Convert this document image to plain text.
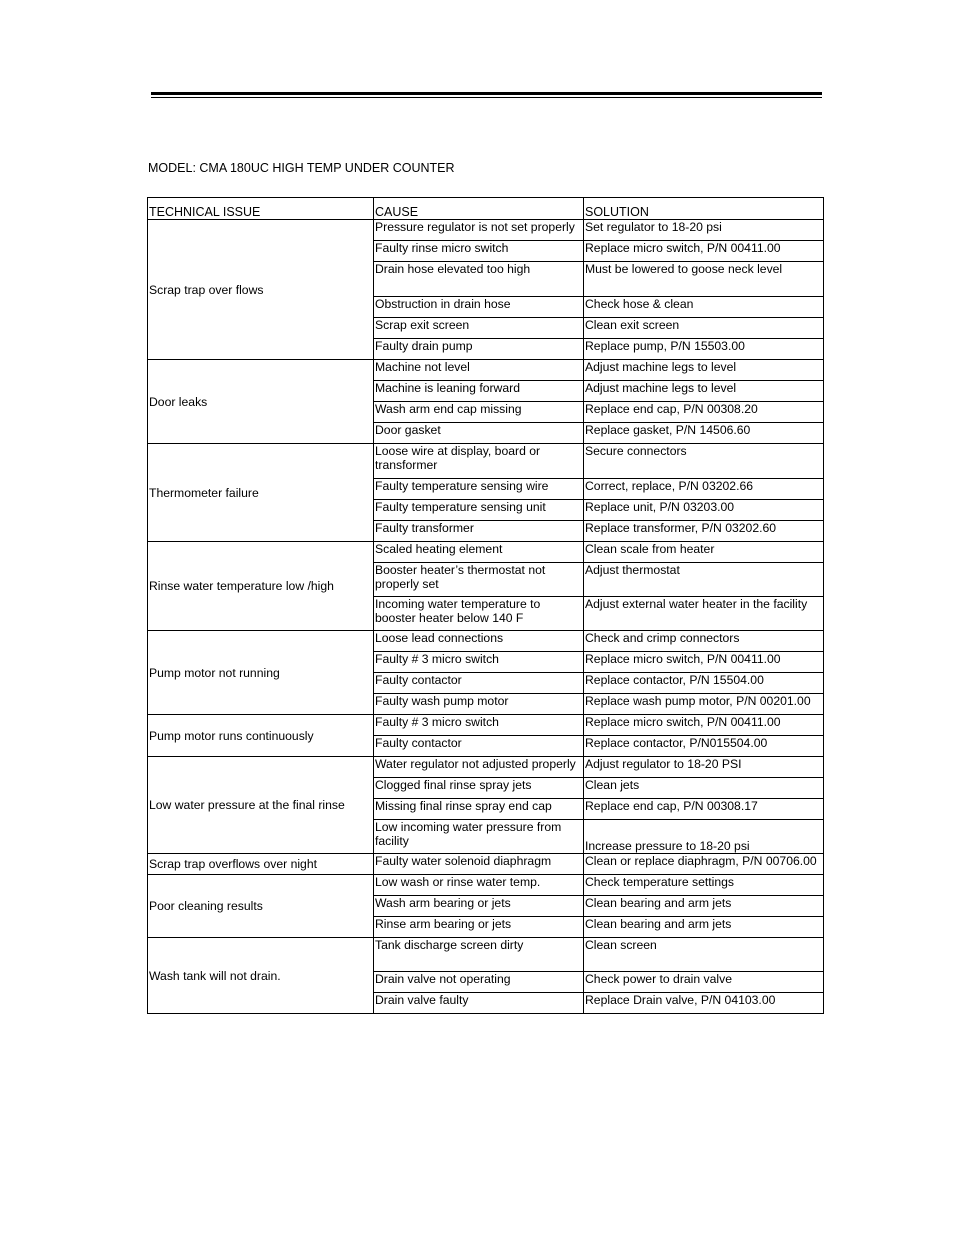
MODEL: CMA 180UC HIGH TEMP UNDER COUNTER
TECHNICAL ISSUE	CAUSE	SOLUTION
Scrap trap over flows	Pressure regulator is not set properly	Set regulator to 18-20 psi
	Faulty rinse micro switch	Replace micro switch, P/N 00411.00
	Drain hose elevated too high	Must be lowered to goose neck level
	Obstruction in drain hose	Check hose & clean
	Scrap exit screen	Clean exit screen
	Faulty drain pump	Replace pump, P/N 15503.00
Door leaks	Machine not level	Adjust machine legs to level
	Machine is leaning forward	Adjust machine legs to level
	Wash arm end cap missing	Replace end cap, P/N 00308.20
	Door gasket	Replace gasket, P/N 14506.60
Thermometer failure	Loose wire at display, board or transformer	Secure connectors
	Faulty temperature sensing wire	Correct, replace, P/N 03202.66
	Faulty temperature sensing unit	Replace unit, P/N 03203.00
	Faulty transformer	Replace transformer, P/N 03202.60
Rinse water temperature low /high	Scaled heating element	Clean scale from heater
	Booster heater’s thermostat not properly set	Adjust thermostat
	Incoming water temperature to booster heater below 140 F	Adjust external water heater in the facility
Pump motor not running	Loose lead connections	Check and crimp connectors
	Faulty # 3 micro switch	Replace micro switch, P/N 00411.00
	Faulty contactor	Replace contactor, P/N 15504.00
	Faulty wash pump motor	Replace wash pump motor, P/N 00201.00
Pump motor runs continuously	Faulty # 3 micro switch	Replace micro switch, P/N 00411.00
	Faulty contactor	Replace contactor, P/N015504.00
Low water pressure at the final rinse	Water regulator not adjusted properly	Adjust regulator to 18-20 PSI
	Clogged final rinse spray jets	Clean jets
	Missing final rinse spray end cap	Replace end cap, P/N 00308.17
	Low incoming water pressure from facility	Increase pressure to 18-20 psi
Scrap trap overflows over night	Faulty water solenoid diaphragm	Clean or replace diaphragm, P/N 00706.00
Poor cleaning results	Low wash or rinse water temp.	Check temperature settings
	Wash arm bearing or jets	Clean bearing and arm jets
	Rinse arm bearing or jets	Clean bearing and arm jets
Wash tank will not drain.	Tank discharge screen dirty	Clean screen
	Drain valve not operating	Check power to drain valve
	Drain valve faulty	Replace Drain valve, P/N 04103.00
